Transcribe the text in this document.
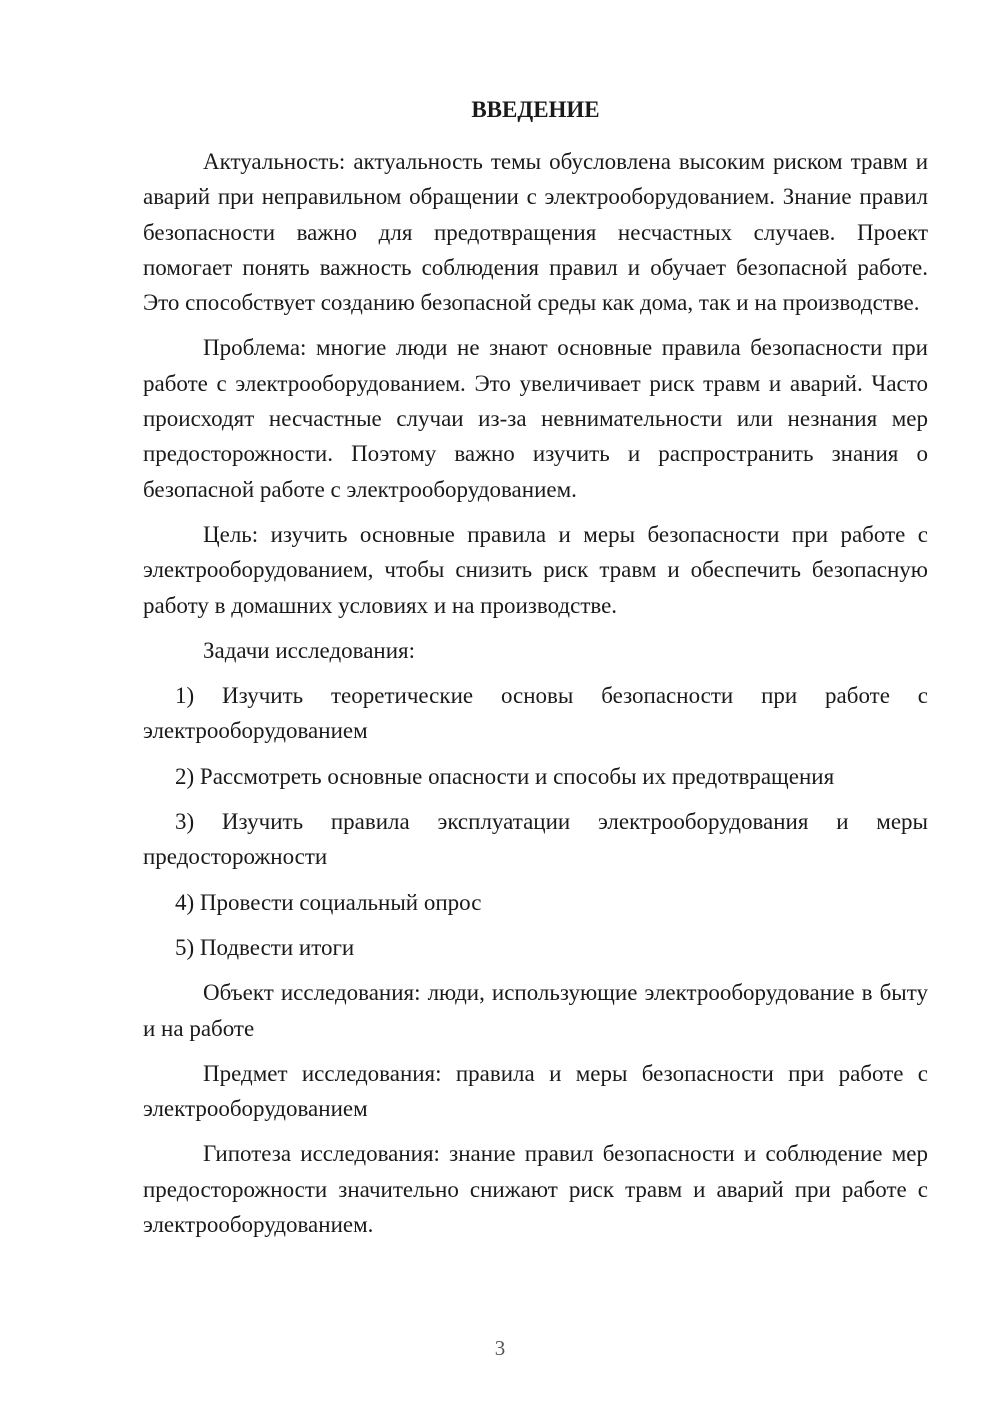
ВВЕДЕНИЕ

Актуальность: актуальность темы обусловлена высоким риском травм и аварий при неправильном обращении с электрооборудованием. Знание правил безопасности важно для предотвращения несчастных случаев. Проект помогает понять важность соблюдения правил и обучает безопасной работе. Это способствует созданию безопасной среды как дома, так и на производстве.

Проблема: многие люди не знают основные правила безопасности при работе с электрооборудованием. Это увеличивает риск травм и аварий. Часто происходят несчастные случаи из-за невнимательности или незнания мер предосторожности. Поэтому важно изучить и распространить знания о безопасной работе с электрооборудованием.

Цель: изучить основные правила и меры безопасности при работе с электрооборудованием, чтобы снизить риск травм и обеспечить безопасную работу в домашних условиях и на производстве.

Задачи исследования:

1) Изучить теоретические основы безопасности при работе с электрооборудованием

2) Рассмотреть основные опасности и способы их предотвращения

3) Изучить правила эксплуатации электрооборудования и меры предосторожности

4) Провести социальный опрос

5) Подвести итоги

Объект исследования: люди, использующие электрооборудование в быту и на работе

Предмет исследования: правила и меры безопасности при работе с электрооборудованием

Гипотеза исследования: знание правил безопасности и соблюдение мер предосторожности значительно снижают риск травм и аварий при работе с электрооборудованием.

3
